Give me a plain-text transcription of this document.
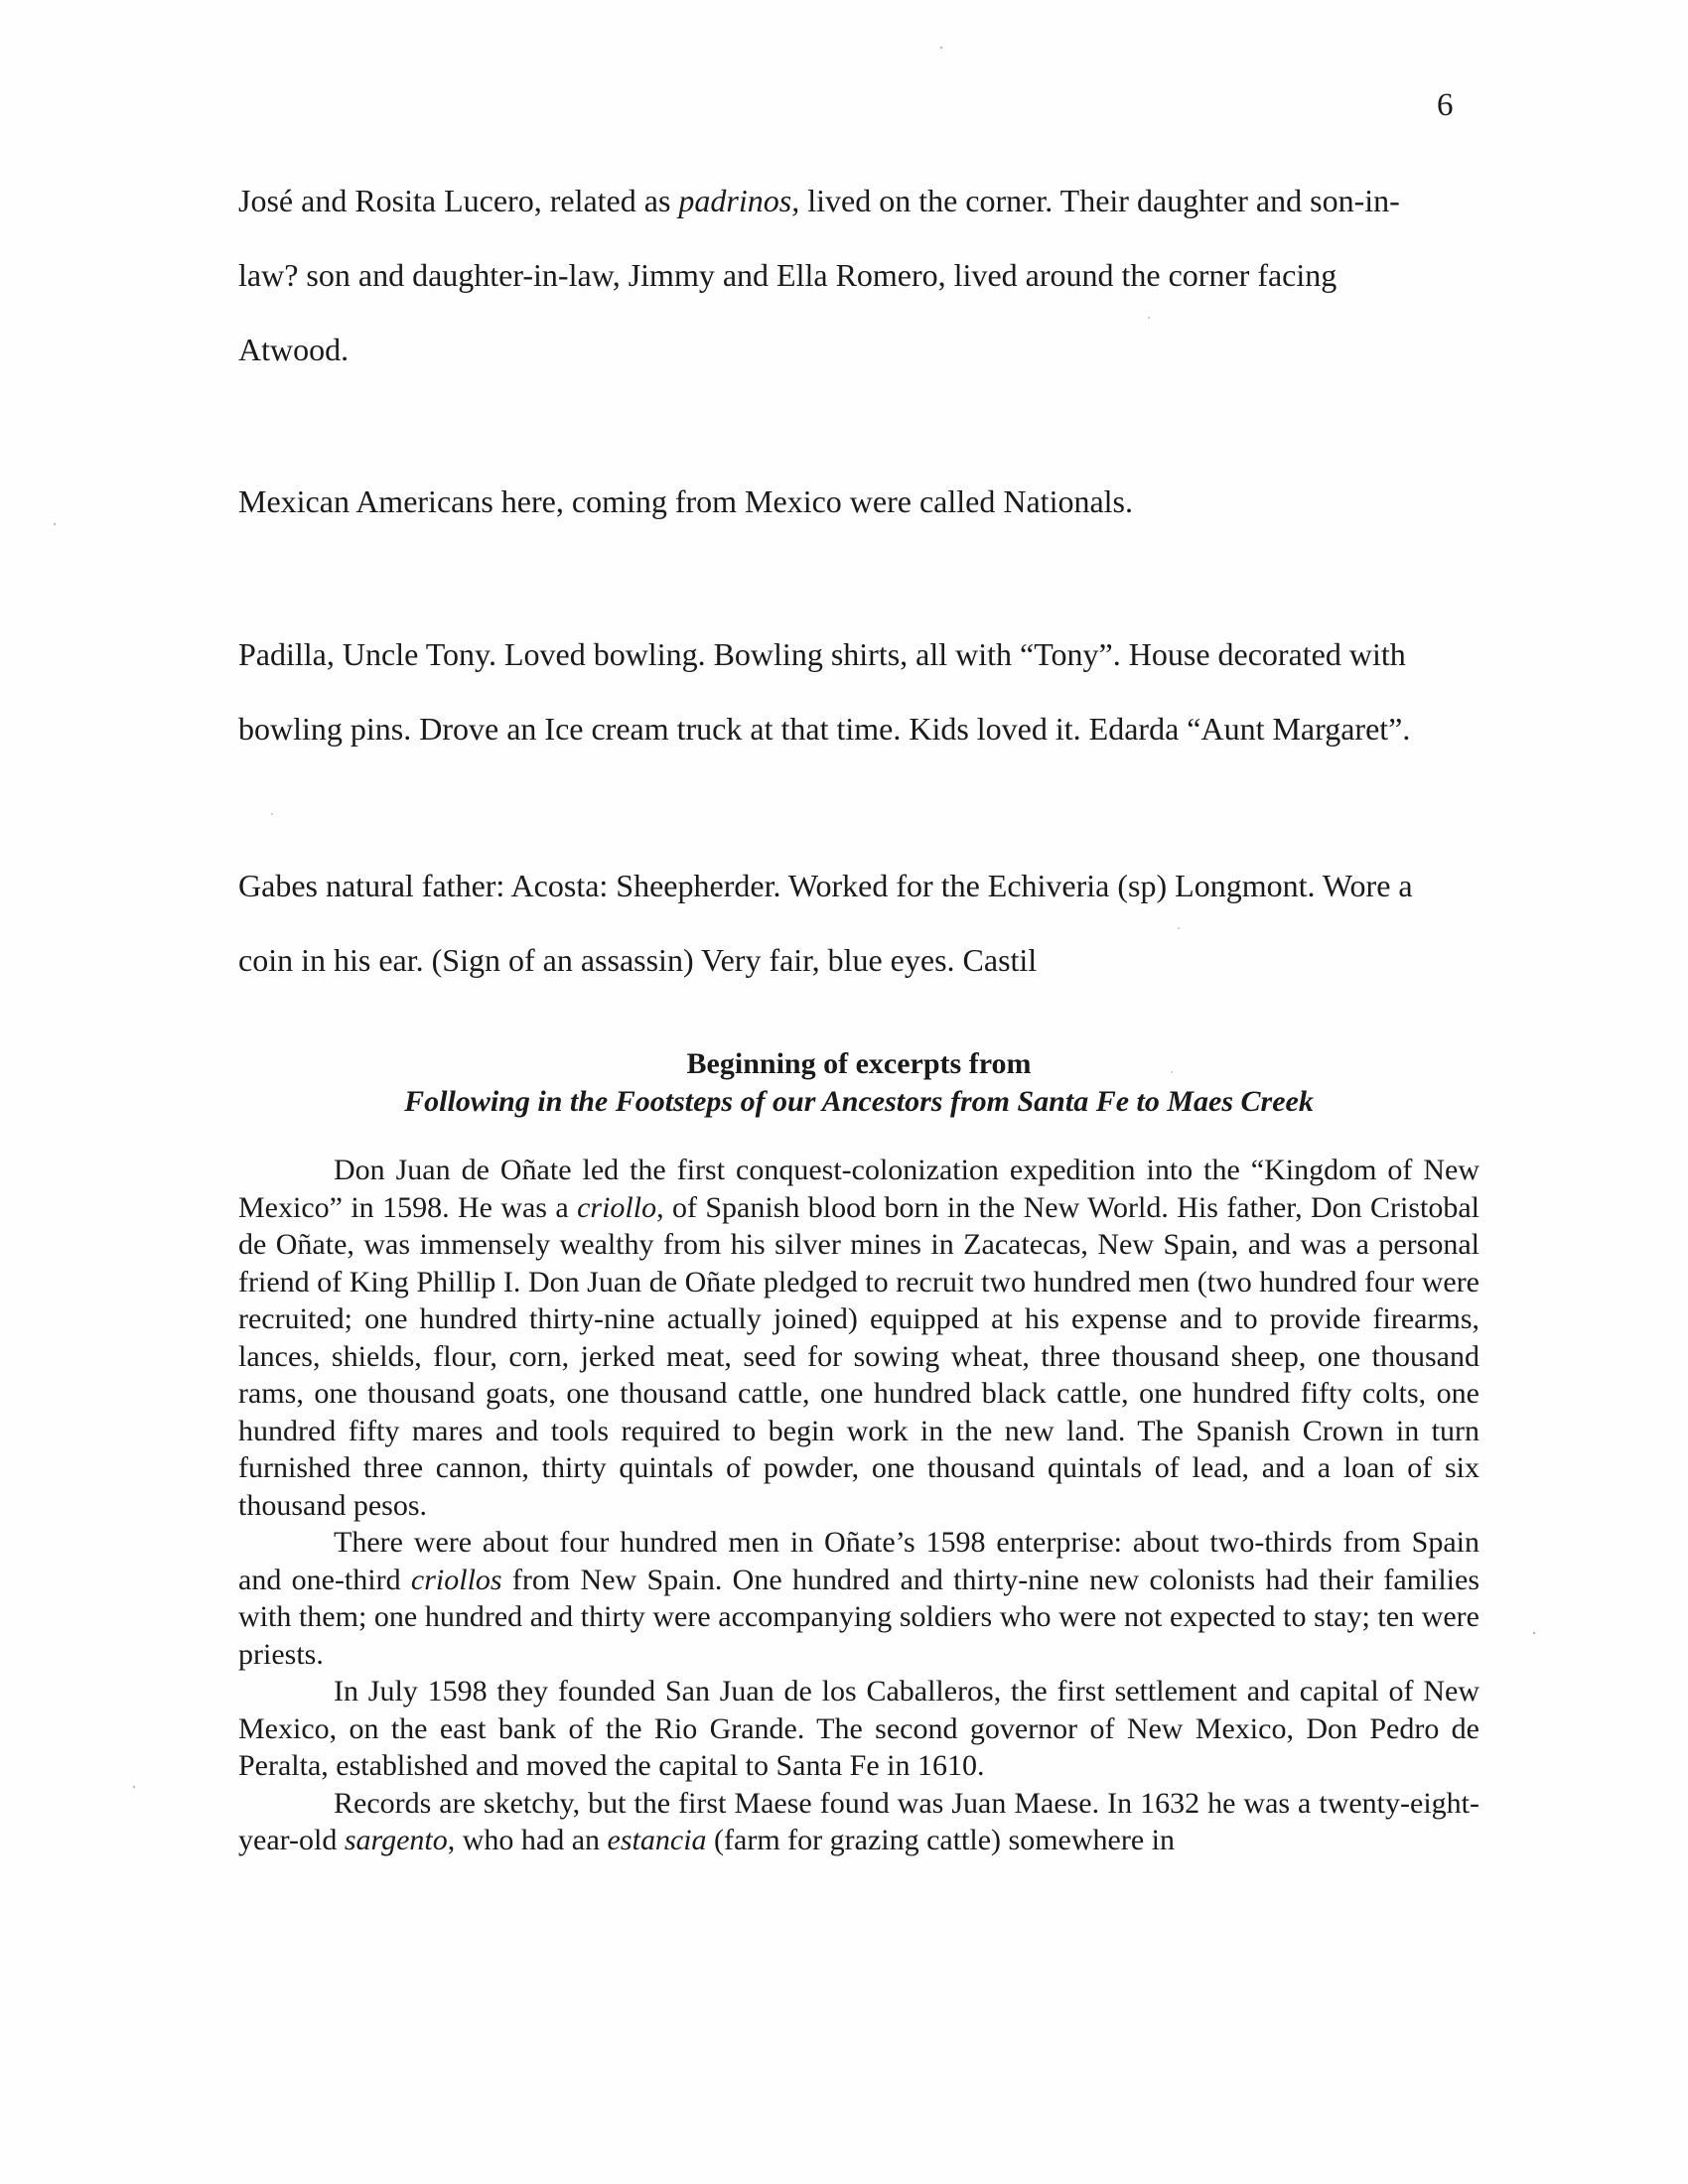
6

José and Rosita Lucero, related as padrinos, lived on the corner. Their daughter and son-in-

law? son and daughter-in-law, Jimmy and Ella Romero, lived around the corner facing

Atwood.

Mexican Americans here, coming from Mexico were called Nationals.

Padilla, Uncle Tony. Loved bowling. Bowling shirts, all with “Tony”. House decorated with

bowling pins. Drove an Ice cream truck at that time. Kids loved it. Edarda “Aunt Margaret”.

Gabes natural father: Acosta: Sheepherder. Worked for the Echiveria (sp) Longmont. Wore a

coin in his ear. (Sign of an assassin) Very fair, blue eyes. Castil

Beginning of excerpts from
Following in the Footsteps of our Ancestors from Santa Fe to Maes Creek

Don Juan de Oñate led the first conquest-colonization expedition into the “Kingdom of New Mexico” in 1598. He was a criollo, of Spanish blood born in the New World. His father, Don Cristobal de Oñate, was immensely wealthy from his silver mines in Zacatecas, New Spain, and was a personal friend of King Phillip I. Don Juan de Oñate pledged to recruit two hundred men (two hundred four were recruited; one hundred thirty-nine actually joined) equipped at his expense and to provide firearms, lances, shields, flour, corn, jerked meat, seed for sowing wheat, three thousand sheep, one thousand rams, one thousand goats, one thousand cattle, one hundred black cattle, one hundred fifty colts, one hundred fifty mares and tools required to begin work in the new land. The Spanish Crown in turn furnished three cannon, thirty quintals of powder, one thousand quintals of lead, and a loan of six thousand pesos.

There were about four hundred men in Oñate’s 1598 enterprise: about two-thirds from Spain and one-third criollos from New Spain. One hundred and thirty-nine new colonists had their families with them; one hundred and thirty were accompanying soldiers who were not expected to stay; ten were priests.

In July 1598 they founded San Juan de los Caballeros, the first settlement and capital of New Mexico, on the east bank of the Rio Grande. The second governor of New Mexico, Don Pedro de Peralta, established and moved the capital to Santa Fe in 1610.

Records are sketchy, but the first Maese found was Juan Maese. In 1632 he was a twenty-eight-year-old sargento, who had an estancia (farm for grazing cattle) somewhere in
